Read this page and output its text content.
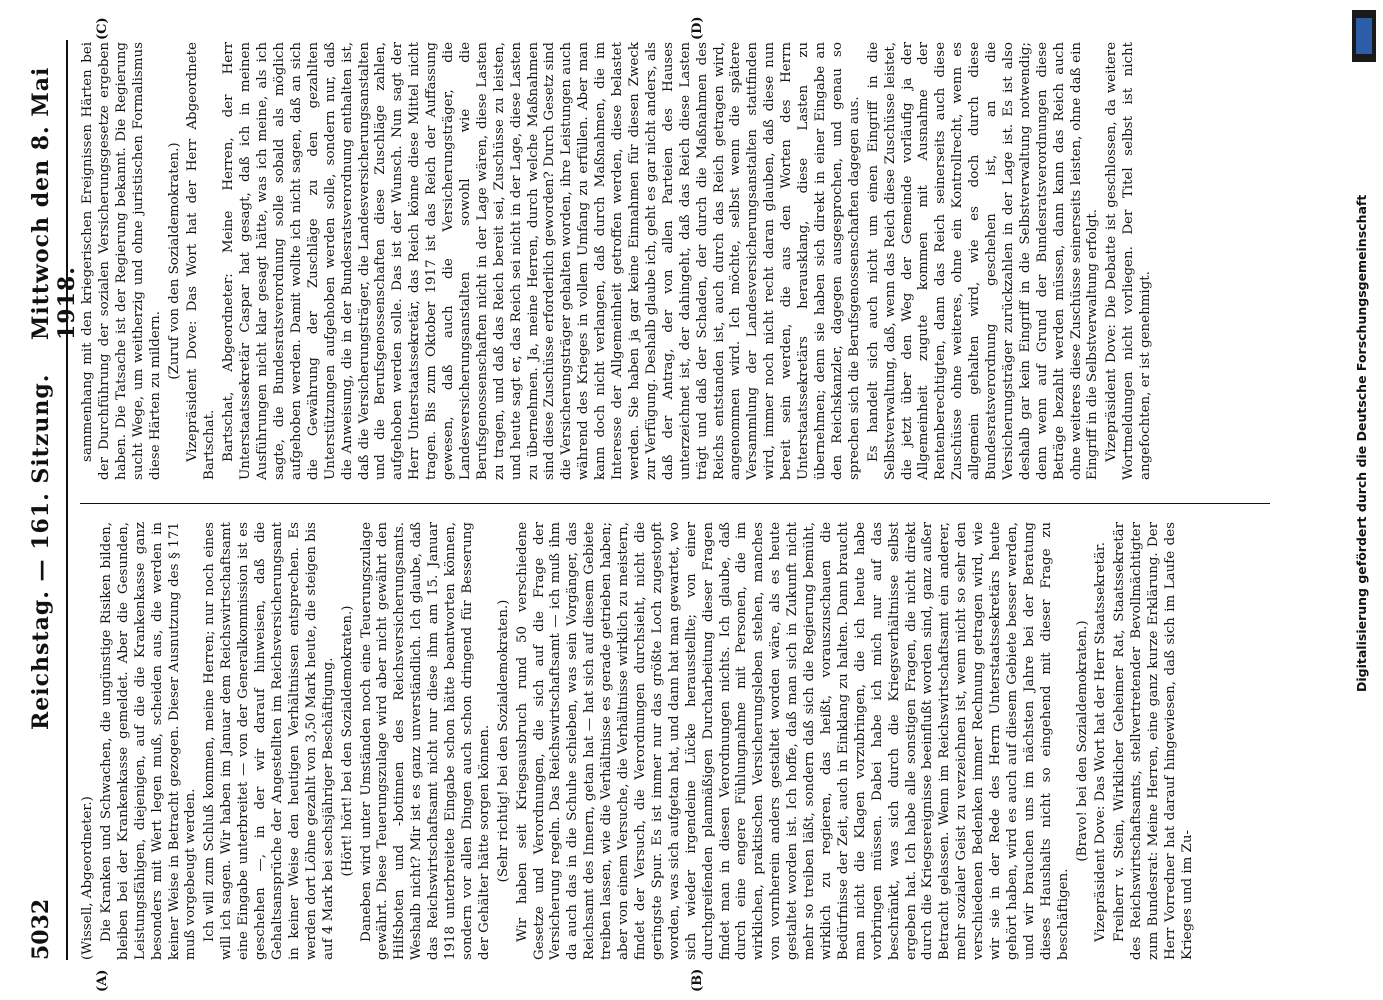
5032
Reichstag. — 161. Sitzung.
Mittwoch den 8. Mai 1918.
(A)	(B)
(C)	(D)

(Wissell, Abgeordneter.) Die Kranken und Schwachen, die ungünstige Risiken bilden, bleiben bei der Krankenkasse gemeldet. Aber die Gesunden, Leistungsfähigen, diejenigen, auf die die Krankenkasse ganz besonders mit Wert legen muß, scheiden aus, die werden in keiner Weise in Betracht gezogen. Dieser Ausnutzung des § 171 muß vorgebeugt werden. Ich will zum Schluß kommen, meine Herren; nur noch eines will ich sagen. Wir haben im Januar dem Reichswirtschaftsamt eine Eingabe unterbreitet — von der Generalkommission ist es geschehen —, in der wir darauf hinweisen, daß die Gehaltsansprüche der Angestellten im Reichsversicherungsamt in keiner Weise den heutigen Verhältnissen entsprechen. Es werden dort Löhne gezahlt von 3,50 Mark heute, die steigen bis auf 4 Mark bei sechsjähriger Beschäftigung. (Hört! hört! bei den Sozialdemokraten.) Daneben wird unter Umständen noch eine Teuerungszulage gewährt. Diese Teuerungszulage wird aber nicht gewährt den Hilfsboten und -botinnen des Reichsversicherungsamts. Weshalb nicht? Mir ist es ganz unverständlich. Ich glaube, daß das Reichswirtschaftsamt nicht nur diese ihm am 15. Januar 1918 unterbreitete Eingabe schon hätte beantworten können, sondern vor allen Dingen auch schon dringend für Besserung der Gehälter hätte sorgen können. (Sehr richtig! bei den Sozialdemokraten.) Wir haben seit Kriegsausbruch rund 50 verschiedene Gesetze und Verordnungen, die sich auf die Frage der Versicherung regeln. Das Reichswirtschaftsamt — ich muß ihm da auch das in die Schuhe schieben, was sein Vorgänger, das Reichsamt des Innern, getan hat — hat sich auf diesem Gebiete treiben lassen, wie die Verhältnisse es gerade getrieben haben; aber von einem Versuche, die Verhältnisse wirklich zu meistern, findet der Versuch, die Verordnungen durchsieht, nicht die geringste Spur. Es ist immer nur das größte Loch zugestopft worden, was sich aufgetan hat, und dann hat man gewartet, wo sich wieder irgendeine Lücke herausstellte; von einer durchgreifenden planmäßigen Durcharbeitung dieser Fragen findet man in diesen Verordnungen nichts. Ich glaube, daß durch eine engere Fühlungnahme mit Personen, die im wirklichen, praktischen Versicherungsleben stehen, manches von vornherein anders gestaltet worden wäre, als es heute gestaltet worden ist. Ich hoffe, daß man sich in Zukunft nicht mehr so treiben läßt, sondern daß sich die Regierung bemüht, wirklich zu regieren, das heißt, vorauszuschauen die Bedürfnisse der Zeit, auch in Einklang zu halten. Dann braucht man nicht die Klagen vorzubringen, die ich heute habe vorbringen müssen. Dabei habe ich mich nur auf das beschränkt, was sich durch die Kriegsverhältnisse selbst ergeben hat. Ich habe alle sonstigen Fragen, die nicht direkt durch die Kriegsereignisse beeinflußt worden sind, ganz außer Betracht gelassen. Wenn im Reichswirtschaftsamt ein anderer, mehr sozialer Geist zu verzeichnen ist, wenn nicht so sehr den verschiedenen Bedenken immer Rechnung getragen wird, wie wir sie in der Rede des Herrn Unterstaatssekretärs heute gehört haben, wird es auch auf diesem Gebiete besser werden, und wir brauchen uns im nächsten Jahre bei der Beratung dieses Haushalts nicht so eingehend mit dieser Frage zu beschäftigen.

(Bravo! bei den Sozialdemokraten.) Vizepräsident Dove: Das Wort hat der Herr Staatssekretär. Freiherr v. Stein, Wirklicher Geheimer Rat, Staatssekretär des Reichswirtschaftsamts, stellvertretender Bevollmächtigter zum Bundesrat: Meine Herren, eine ganz kurze Erklärung. Der Herr Vorredner hat darauf hingewiesen, daß sich im Laufe des Krieges und im Zu-

sammenhang mit den kriegerischen Ereignissen Härten bei der Durchführung der sozialen Versicherungsgesetze ergeben haben. Die Tatsache ist der Regierung bekannt. Die Regierung sucht Wege, um weitherzig und ohne juristischen Formalismus diese Härten zu mildern.

(Zuruf von den Sozialdemokraten.) Vizepräsident Dove: Das Wort hat der Herr Abgeordnete Bartschat. Bartschat, Abgeordneter: Meine Herren, der Herr Unterstaatssekretär Caspar hat gesagt, daß ich in meinen Ausführungen nicht klar gesagt hätte, was ich meine, als ich sagte, die Bundesratsverordnung solle sobald als möglich aufgehoben werden. Damit wollte ich nicht sagen, daß an sich die Gewährung der Zuschläge zu den gezahlten Unterstützungen aufgehoben werden solle, sondern nur, daß die Anweisung, die in der Bundesratsverordnung enthalten ist, daß die Versicherungsträger, die Landesversicherungsanstalten und die Berufsgenossenschaften diese Zuschläge zahlen, aufgehoben werden solle. Das ist der Wunsch. Nun sagt der Herr Unterstaatssekretär, das Reich könne diese Mittel nicht tragen. Bis zum Oktober 1917 ist das Reich der Auffassung gewesen, daß auch die Versicherungsträger, die Landesversicherungsanstalten sowohl wie die Berufsgenossenschaften nicht in der Lage wären, diese Lasten zu tragen, und daß das Reich bereit sei, Zuschüsse zu leisten, und heute sagt er, das Reich sei nicht in der Lage, diese Lasten zu übernehmen. Ja, meine Herren, durch welche Maßnahmen sind diese Zuschüsse erforderlich geworden? Durch Gesetz sind die Versicherungsträger gehalten worden, ihre Leistungen auch während des Krieges in vollem Umfang zu erfüllen. Aber man kann doch nicht verlangen, daß durch Maßnahmen, die im Interesse der Allgemeinheit getroffen werden, diese belastet werden. Sie haben ja gar keine Einnahmen für diesen Zweck zur Verfügung. Deshalb glaube ich, geht es gar nicht anders, als daß der Antrag, der von allen Parteien des Hauses unterzeichnet ist, der dahingeht, daß das Reich diese Lasten trägt und daß der Schaden, der durch die Maßnahmen des Reichs entstanden ist, auch durch das Reich getragen wird, angenommen wird. Ich möchte, selbst wenn die spätere Versammlung der Landesversicherungsanstalten stattfinden wird, immer noch nicht recht daran glauben, daß diese nun bereit sein werden, die aus den Worten des Herrn Unterstaatssekretärs herausklang, diese Lasten zu übernehmen; denn sie haben sich direkt in einer Eingabe an den Reichskanzler, dagegen ausgesprochen, und genau so sprechen sich die Berufsgenossenschaften dagegen aus. Es handelt sich auch nicht um einen Eingriff in die Selbstverwaltung, daß, wenn das Reich diese Zuschüsse leistet, die jetzt über den Weg der Gemeinde vorläufig ja der Allgemeinheit zugute kommen mit Ausnahme der Rentenberechtigten, dann das Reich seinerseits auch diese Zuschüsse ohne weiteres, ohne ein Kontrollrecht, wenn es allgemein gehalten wird, wie es doch durch diese Bundesratsverordnung geschehen ist, an die Versicherungsträger zurückzahlen in der Lage ist. Es ist also deshalb gar kein Eingriff in die Selbstverwaltung notwendig; denn wenn auf Grund der Bundesratsverordnungen diese Beträge bezahlt werden müssen, dann kann das Reich auch ohne weiteres diese Zuschüsse seinerseits leisten, ohne daß ein Eingriff in die Selbstverwaltung erfolgt. Vizepräsident Dove: Die Debatte ist geschlossen, da weitere Wortmeldungen nicht vorliegen. Der Titel selbst ist nicht angefochten, er ist genehmigt.	Digitalisierung gefördert durch die Deutsche Forschungsgemeinschaft
